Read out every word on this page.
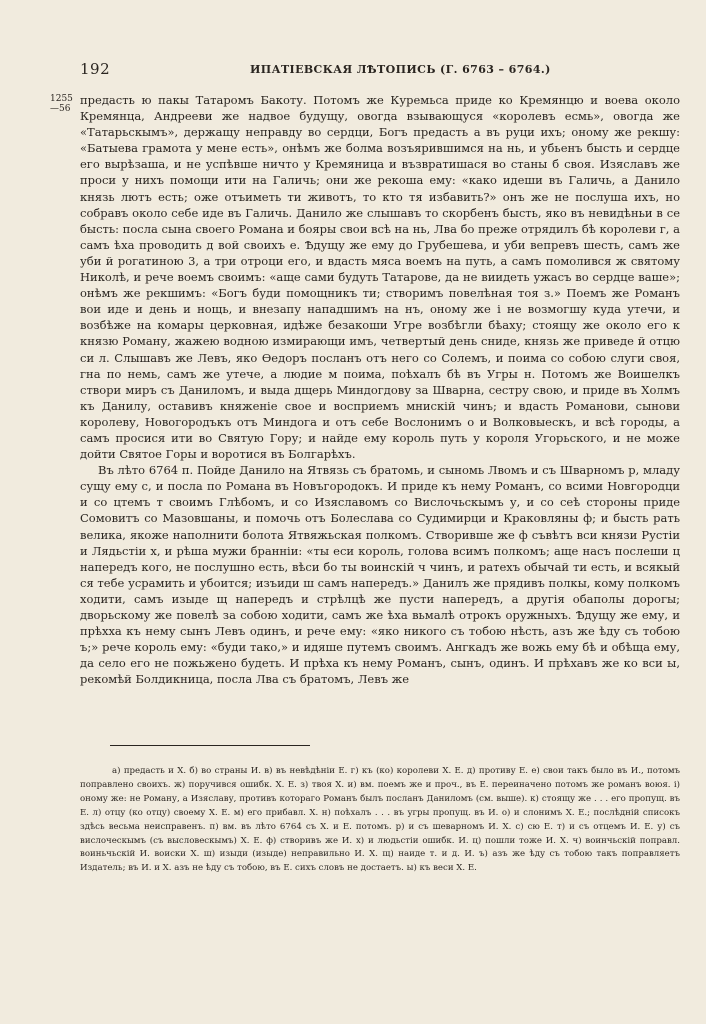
192	ИПАТІЕВСКАЯ ЛѢТОПИСЬ (Г. 6763 – 6764.)
1255
—56

предасть ю пакы Татаромъ Бакоту. Потомъ же Куремьса приде ко Кремянцю и воева около Кремянца, Андрееви же надвое будущу, овогда взывающуся «королевъ есмь», овогда же «Татарьскымъ», держащу неправду во сердци, Богъ предасть а въ руци ихъ; оному же рекшу: «Батыева грамота у мене есть», онѣмъ же болма возъярившимся на нь, и убьенъ бысть и сердце его вырѣзаша, и не успѣвше ничто у Кремяница и възвратишася во станы б своя. Изяславъ же проси у нихъ помощи ити на Галичь; они же рекоша ему: «како идеши въ Галичь, а Данило князь лютъ есть; оже отъиметь ти животъ, то кто тя избавить?» онъ же не послуша ихъ, но собравъ около себе иде въ Галичь. Данило же слышавъ то скорбенъ бысть, яко въ невидѣньи в се бысть: посла сына своего Романа и бояры свои всѣ на нь, Лва бо преже отрядилъ бѣ королеви г, а самъ ѣха проводить д вой своихъ е. Ѣдущу же ему до Грубешева, и уби вепревъ шесть, самъ же уби й рогатиною 3, а три отроци его, и вдасть мяса воемъ на путь, а самъ помолився ж святому Николѣ, и рече воемъ своимъ: «аще сами будуть Татарове, да не виидеть ужасъ во сердце ваше»; онѣмъ же рекшимъ: «Богъ буди помощникъ ти; створимъ повелѣная тоя з.» Поемъ же Романъ вои иде и день и нощь, и внезапу нападшимъ на нъ, оному же і не возмогшу куда утечи, и возбѣже на комары церковная, идѣже безакоши Угре возбѣгли бѣаху; стоящу же около его к князю Роману, жажею водною измирающи имъ, четвертый день сниде, князь же приведе й отцю си л. Слышавъ же Левъ, яко Ѳедоръ посланъ отъ него со Солемъ, и поима со собою слуги своя, гна по немь, самъ же утече, а людие м поима, поѣхалъ бѣ въ Угры н. Потомъ же Воишелкъ створи миръ съ Даниломъ, и выда дщерь Миндогдову за Шварна, сестру свою, и приде въ Холмъ къ Данилу, оставивъ княженіе свое и восприемъ мнискій чинъ; и вдасть Романови, сынови королеву, Новогородъкъ отъ Миндога и отъ себе Вослонимъ о и Волковыескъ, и всѣ городы, а самъ просися ити во Святую Гору; и найде ему король путь у короля Угорьского, и не може дойти Святое Горы и воротися въ Болгарѣхъ.

Въ лѣто 6764 п. Пойде Данило на Ятвязь съ братомь, и сыномь Лвомъ и съ Шварномъ р, младу сущу ему с, и посла по Романа въ Новъгородокъ. И приде къ нему Романъ, со всими Новгородци и со цтемъ т своимъ Глѣбомъ, и со Изяславомъ со Вислочьскымъ у, и со сеѣ стороны приде Сомовитъ со Мазовшаны, и помочь отъ Болеслава со Судимирци и Краковляны ф; и бысть рать велика, якоже наполнити болота Ятвяжьская полкомъ. Створивше же ф съвѣтъ вси князи Рустіи и Лядьстіи х, и рѣша мужи бранніи: «ты еси король, голова всимъ полкомъ; аще насъ послеши ц напередъ кого, не послушно есть, вѣси бо ты воинскій ч чинъ, и ратехъ обычай ти есть, и всякый ся тебе усрамить и убоится; изъиди ш самъ напередъ.» Данилъ же прядивъ полкы, кому полкомъ ходити, самъ изыде щ напередъ и стрѣлцѣ же пусти напередъ, а другія обаполы дорогы; дворьскому же повелѣ за собою ходити, самъ же ѣха вьмалѣ отрокъ оружныхъ. Ѣдущу же ему, и прѣхха къ нему сынъ Левъ одинъ, и рече ему: «яко никого съ тобою нѣсть, азъ же ѣду съ тобою ъ;» рече король ему: «буди тако,» и идяше путемъ своимъ. Ангкадъ же вожь ему бѣ и обѣща ему, да село его не пожьжено будеть. И прѣха къ нему Романъ, сынъ, одинъ. И прѣхавъ же ко вси ы, рекомѣй Болдикница, посла Лва съ братомъ, Левъ же

а) предасть и Х. б) во страны И. в) въ невѣдѣніи Е. г) къ (ко) королеви Х. Е. д) противу Е. е) свои такъ было въ И., потомъ поправлено своихъ. ж) поручився ошибк. Х. Е. з) твоя Х. и) вм. поемъ же и проч., въ Е. переиначено потомъ же романъ воюя. і) оному же: не Роману, а Изяславу, противъ котораго Романъ былъ посланъ Даниломъ (см. выше). к) стоящу же . . . его пропущ. въ Е. л) отцу (ко отцу) своему Х. Е. м) его прибавл. Х. н) поѣхалъ . . . въ угры пропущ. въ И. о) и слонимъ Х. Е.; послѣдній списокъ здѣсь весьма неисправенъ. п) вм. въ лѣто 6764 съ Х. и Е. потомъ. р) и съ шеварномъ И. Х. с) сю Е. т) и съ отцемъ И. Е. у) съ вислоческымъ (съ высловескымъ) Х. Е. ф) створивъ же И. х) и людьстіи ошибк. И. ц) пошли тоже И. Х. ч) воинчьскій поправл. воиньчьскій И. воиски Х. ш) изыди (изыде) неправильно И. Х. щ) наиде т. и д. И. ъ) азъ же ѣду съ тобою такъ поправляетъ Издатель; въ И. и Х. азъ не ѣду съ тобою, въ Е. сихъ словъ не достаетъ. ы) къ веси Х. Е.
